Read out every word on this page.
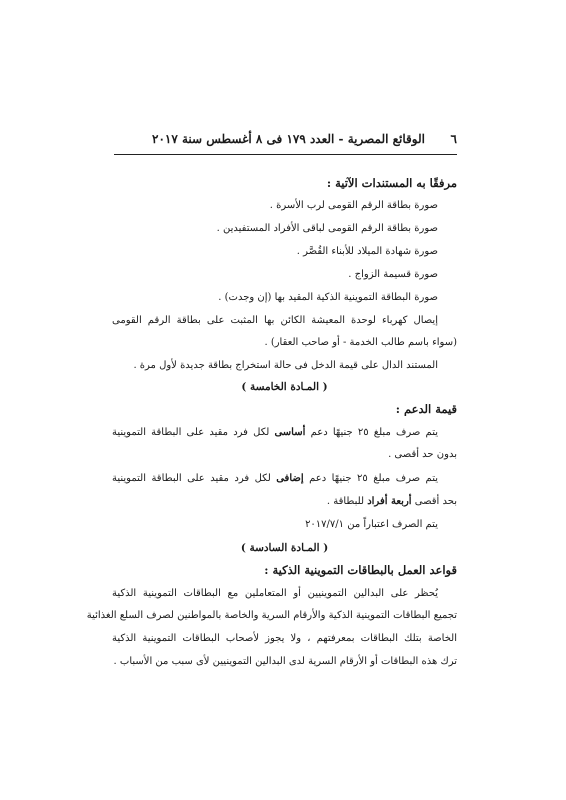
٦
الوقائع المصرية - العدد ١٧٩ فى ٨ أغسطس سنة ٢٠١٧
مرفقًا به المستندات الآتية :
صورة بطاقة الرقم القومى لرب الأسرة .
صورة بطاقة الرقم القومى لباقى الأفراد المستفيدين .
صورة شهادة الميلاد للأبناء القُصَّر .
صورة قسيمة الزواج .
صورة البطاقة التموينية الذكية المقيد بها (إن وجدت) .
إيصال كهرباء لوحدة المعيشة الكائن بها المثبت على بطاقة الرقم القومى
(سواء باسم طالب الخدمة - أو صاحب العقار) .
المستند الدال على قيمة الدخل فى حالة استخراج بطاقة جديدة لأول مرة .
( المـادة الخامسة )
قيمة الدعم :
يتم صرف مبلغ ٢٥ جنيهًا دعم أساسى لكل فرد مقيد على البطاقة التموينية
بدون حد أقصى .
يتم صرف مبلغ ٢٥ جنيهًا دعم إضافى لكل فرد مقيد على البطاقة التموينية
بحد أقصى أربعة أفراد للبطاقة .
يتم الصرف اعتباراً من ٢٠١٧/٧/١
( المـادة السادسة )
قواعد العمل بالبطاقات التموينية الذكية :
يُحظر على البدالين التموينيين أو المتعاملين مع البطاقات التموينية الذكية
تجميع البطاقات التموينية الذكية والأرقام السرية والخاصة بالمواطنين لصرف السلع الغذائية
الخاصة بتلك البطاقات بمعرفتهم ، ولا يجوز لأصحاب البطاقات التموينية الذكية
ترك هذه البطاقات أو الأرقام السرية لدى البدالين التموينيين لأى سبب من الأسباب .
